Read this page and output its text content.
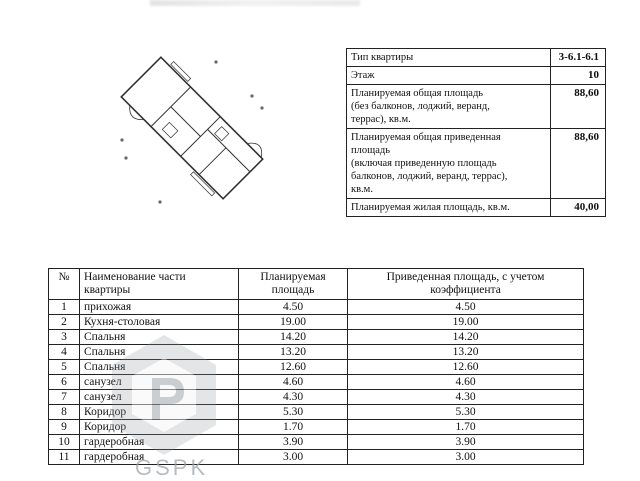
Тип квартиры	3-6.1-6.1
Этаж	10
Планируемая общая площадь
(без балконов, лоджий, веранд,
террас), кв.м.	88,60
Планируемая общая приведенная
площадь
(включая приведенную площадь
балконов, лоджий, веранд, террас),
кв.м.	88,60
Планируемая жилая площадь, кв.м.	40,00
№	Наименование части квартиры	Планируемая площадь	Приведенная площадь, с учетом коэффициента
1	прихожая	4.50	4.50
2	Кухня-столовая	19.00	19.00
3	Спальня	14.20	14.20
4	Спальня	13.20	13.20
5	Спальня	12.60	12.60
6	санузел	4.60	4.60
7	санузел	4.30	4.30
8	Коридор	5.30	5.30
9	Коридор	1.70	1.70
10	гардеробная	3.90	3.90
11	гардеробная	3.00	3.00
GSPK
